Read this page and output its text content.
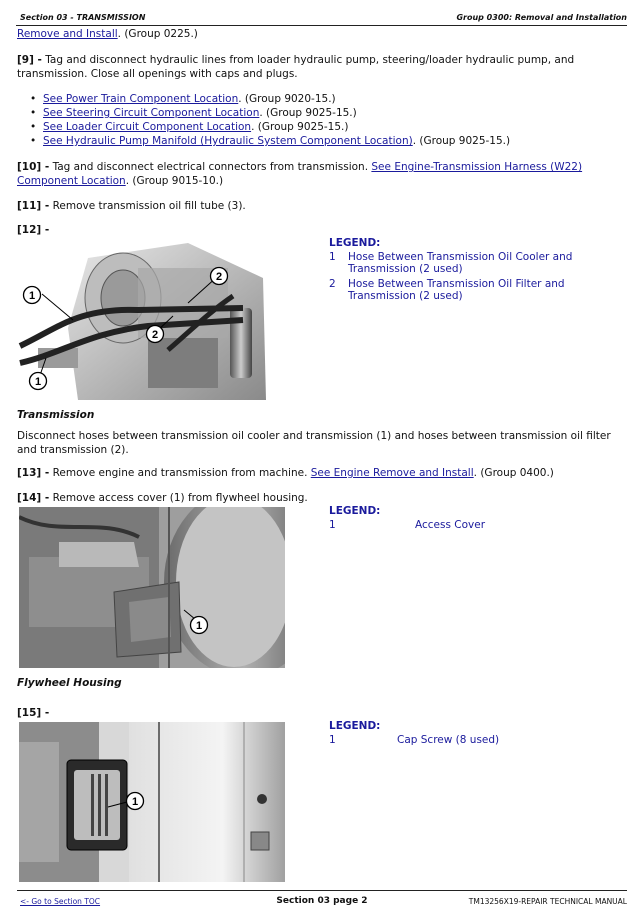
Section 03 - TRANSMISSION	Group 0300: Removal and Installation
Remove and Install. (Group 0225.)
[9] - Tag and disconnect hydraulic lines from loader hydraulic pump, steering/loader hydraulic pump, and transmission. Close all openings with caps and plugs.
• See Power Train Component Location. (Group 9020-15.)
• See Steering Circuit Component Location. (Group 9025-15.)
• See Loader Circuit Component Location. (Group 9025-15.)
• See Hydraulic Pump Manifold (Hydraulic System Component Location). (Group 9025-15.)
[10] - Tag and disconnect electrical connectors from transmission. See Engine-Transmission Harness (W22) Component Location. (Group 9015-10.)
[11] - Remove transmission oil fill tube (3).
[12] -
1
2
2
1
LEGEND:
1	Hose Between Transmission Oil Cooler and Transmission (2 used)
2	Hose Between Transmission Oil Filter and Transmission (2 used)
Transmission
Disconnect hoses between transmission oil cooler and transmission (1) and hoses between transmission oil filter and transmission (2).
[13] - Remove engine and transmission from machine. See Engine Remove and Install. (Group 0400.)
[14] - Remove access cover (1) from flywheel housing.
1
LEGEND:
1	Access Cover
Flywheel Housing
[15] -
1
LEGEND:
1	Cap Screw (8 used)
<- Go to Section TOC	Section 03 page 2	TM13256X19-REPAIR TECHNICAL MANUAL
